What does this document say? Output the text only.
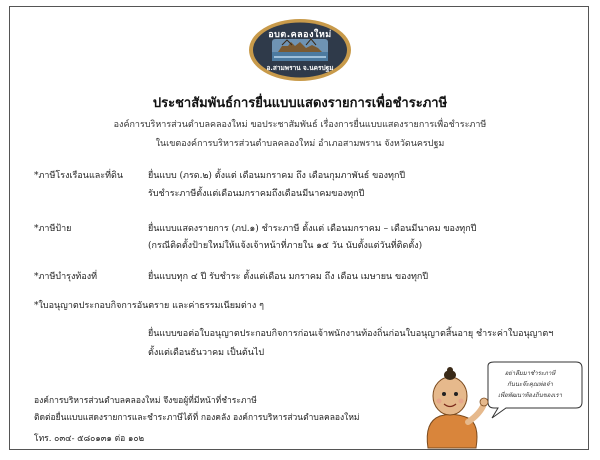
อบต.คลองใหม่
อ.สามพราน จ.นครปฐม
ประชาสัมพันธ์การยื่นแบบแสดงรายการเพื่อชำระภาษี
องค์การบริหารส่วนตำบลคลองใหม่ ขอประชาสัมพันธ์ เรื่องการยื่นแบบแสดงรายการเพื่อชำระภาษี
ในเขตองค์การบริหารส่วนตำบลคลองใหม่ อำเภอสามพราน จังหวัดนครปฐม
*ภาษีโรงเรือนและที่ดิน	ยื่นแบบ (ภรด.๒) ตั้งแต่ เดือนมกราคม ถึง เดือนกุมภาพันธ์ ของทุกปี
รับชำระภาษีตั้งแต่เดือนมกราคมถึงเดือนมีนาคมของทุกปี
*ภาษีป้าย	ยื่นแบบแสดงรายการ (ภป.๑) ชำระภาษี ตั้งแต่ เดือนมกราคม – เดือนมีนาคม ของทุกปี
(กรณีติดตั้งป้ายใหม่ให้แจ้งเจ้าหน้าที่ภายใน ๑๕ วัน นับตั้งแต่วันที่ติดตั้ง)
*ภาษีบำรุงท้องที่	ยื่นแบบทุก ๔ ปี รับชำระ ตั้งแต่เดือน มกราคม ถึง เดือน เมษายน ของทุกปี
*ใบอนุญาตประกอบกิจการอันตราย และค่าธรรมเนียมต่าง ๆ
ยื่นแบบขอต่อใบอนุญาตประกอบกิจการก่อนเจ้าพนักงานท้องถิ่นก่อนใบอนุญาตสิ้นอายุ ชำระค่าใบอนุญาตฯ
ตั้งแต่เดือนธันวาคม เป็นต้นไป
องค์การบริหารส่วนตำบลคลองใหม่ จึงขอผู้ที่มีหน้าที่ชำระภาษี
ติดต่อยื่นแบบแสดงรายการและชำระภาษีได้ที่ กองคลัง องค์การบริหารส่วนตำบลคลองใหม่
โทร. ๐๓๔- ๕๘๐๑๓๑ ต่อ ๑๐๒
อย่าลืมมาชำระภาษี
กันนะจ๊ะคุณพ่อจ๋า
เพื่อพัฒนาท้องถิ่นของเรา
